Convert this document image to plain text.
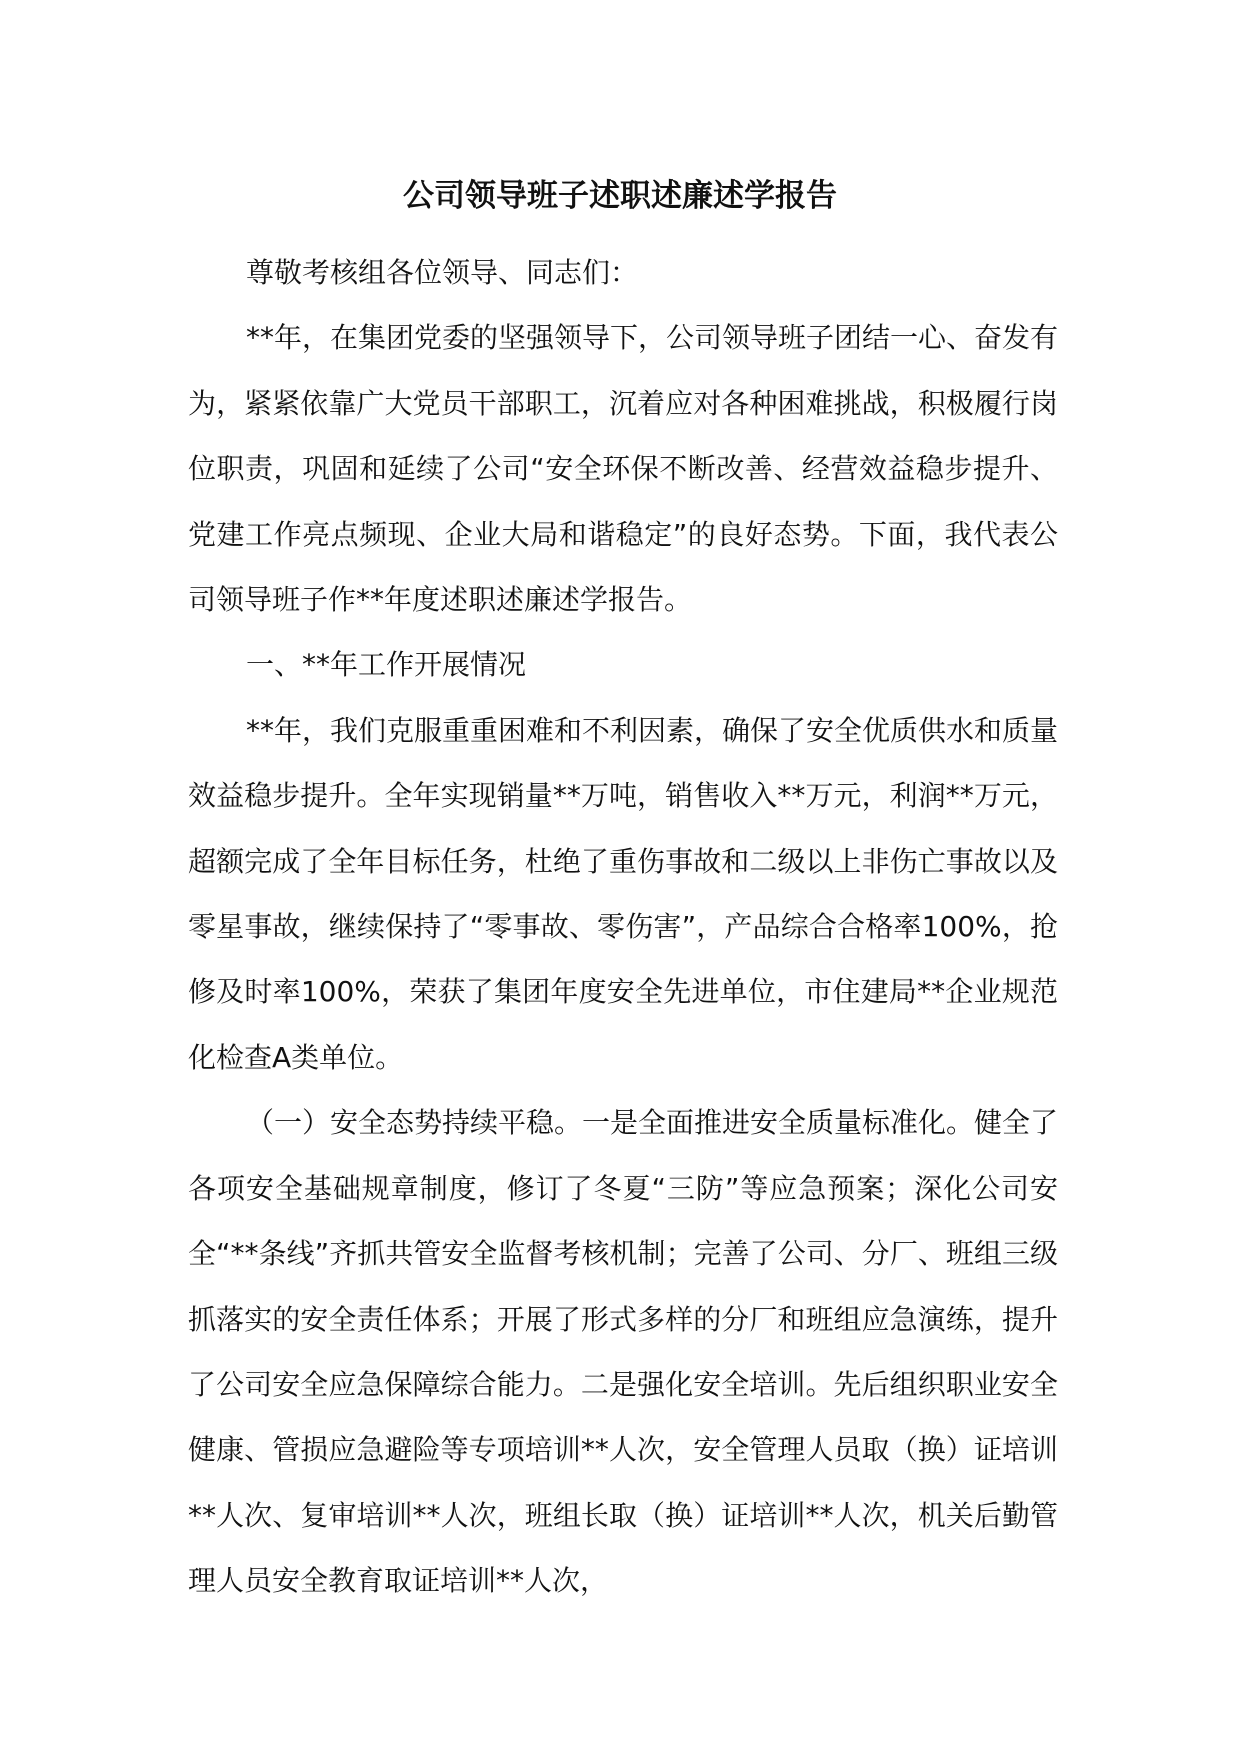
公司领导班子述职述廉述学报告

尊敬考核组各位领导、同志们：

**年，在集团党委的坚强领导下，公司领导班子团结一心、奋发有为，紧紧依靠广大党员干部职工，沉着应对各种困难挑战，积极履行岗位职责，巩固和延续了公司“安全环保不断改善、经营效益稳步提升、党建工作亮点频现、企业大局和谐稳定”的良好态势。下面，我代表公司领导班子作**年度述职述廉述学报告。

一、**年工作开展情况

**年，我们克服重重困难和不利因素，确保了安全优质供水和质量效益稳步提升。全年实现销量**万吨，销售收入**万元，利润**万元，超额完成了全年目标任务，杜绝了重伤事故和二级以上非伤亡事故以及零星事故，继续保持了“零事故、零伤害”，产品综合合格率100%，抢修及时率100%，荣获了集团年度安全先进单位，市住建局**企业规范化检查A类单位。

（一）安全态势持续平稳。一是全面推进安全质量标准化。健全了各项安全基础规章制度，修订了冬夏“三防”等应急预案；深化公司安全“**条线”齐抓共管安全监督考核机制；完善了公司、分厂、班组三级抓落实的安全责任体系；开展了形式多样的分厂和班组应急演练，提升了公司安全应急保障综合能力。二是强化安全培训。先后组织职业安全健康、管损应急避险等专项培训**人次，安全管理人员取（换）证培训**人次、复审培训**人次，班组长取（换）证培训**人次，机关后勤管理人员安全教育取证培训**人次，
